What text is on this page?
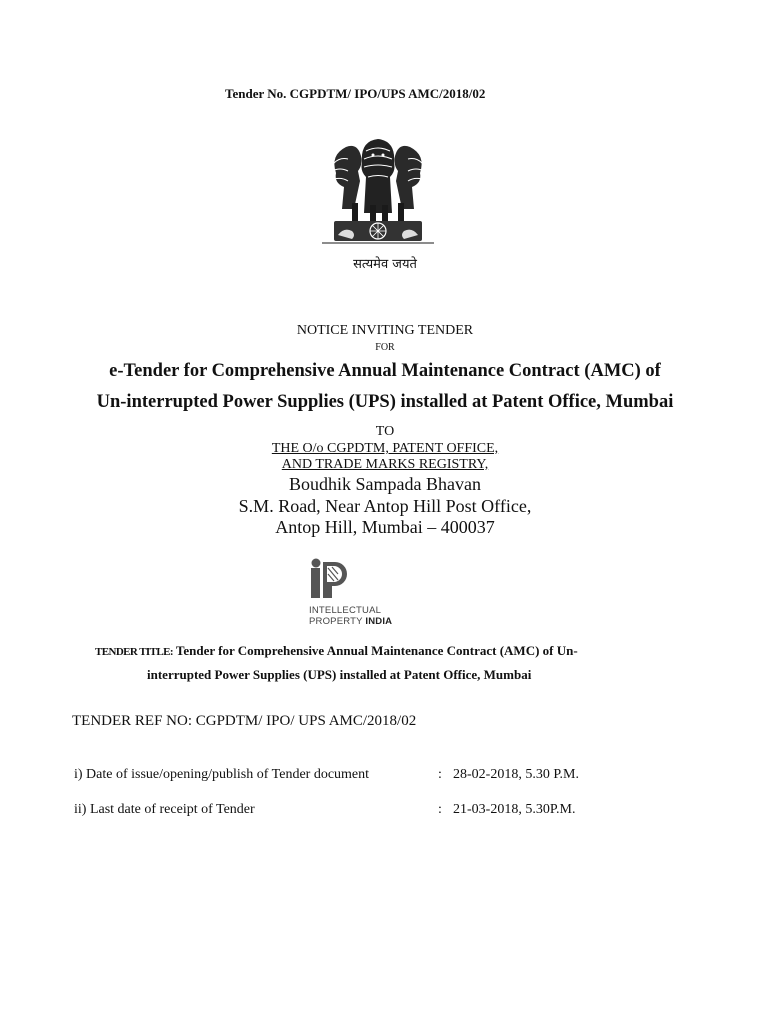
Tender No. CGPDTM/ IPO/UPS AMC/2018/02
सत्यमेव जयते
NOTICE INVITING TENDER
FOR
e-Tender for Comprehensive Annual Maintenance Contract (AMC) of
Un-interrupted Power Supplies (UPS) installed at Patent Office, Mumbai
TO
THE O/o CGPDTM, PATENT OFFICE,
AND TRADE MARKS REGISTRY,
Boudhik Sampada Bhavan
S.M. Road, Near Antop Hill Post Office,
Antop Hill, Mumbai – 400037
INTELLECTUAL
PROPERTY INDIA
TENDER TITLE: Tender for Comprehensive Annual Maintenance Contract (AMC) of Un-
interrupted Power Supplies (UPS) installed at Patent Office, Mumbai
TENDER REF NO: CGPDTM/ IPO/ UPS AMC/2018/02
i) Date of issue/opening/publish of Tender document	: 28-02-2018, 5.30 P.M.
ii) Last date of receipt of Tender	: 21-03-2018, 5.30P.M.
